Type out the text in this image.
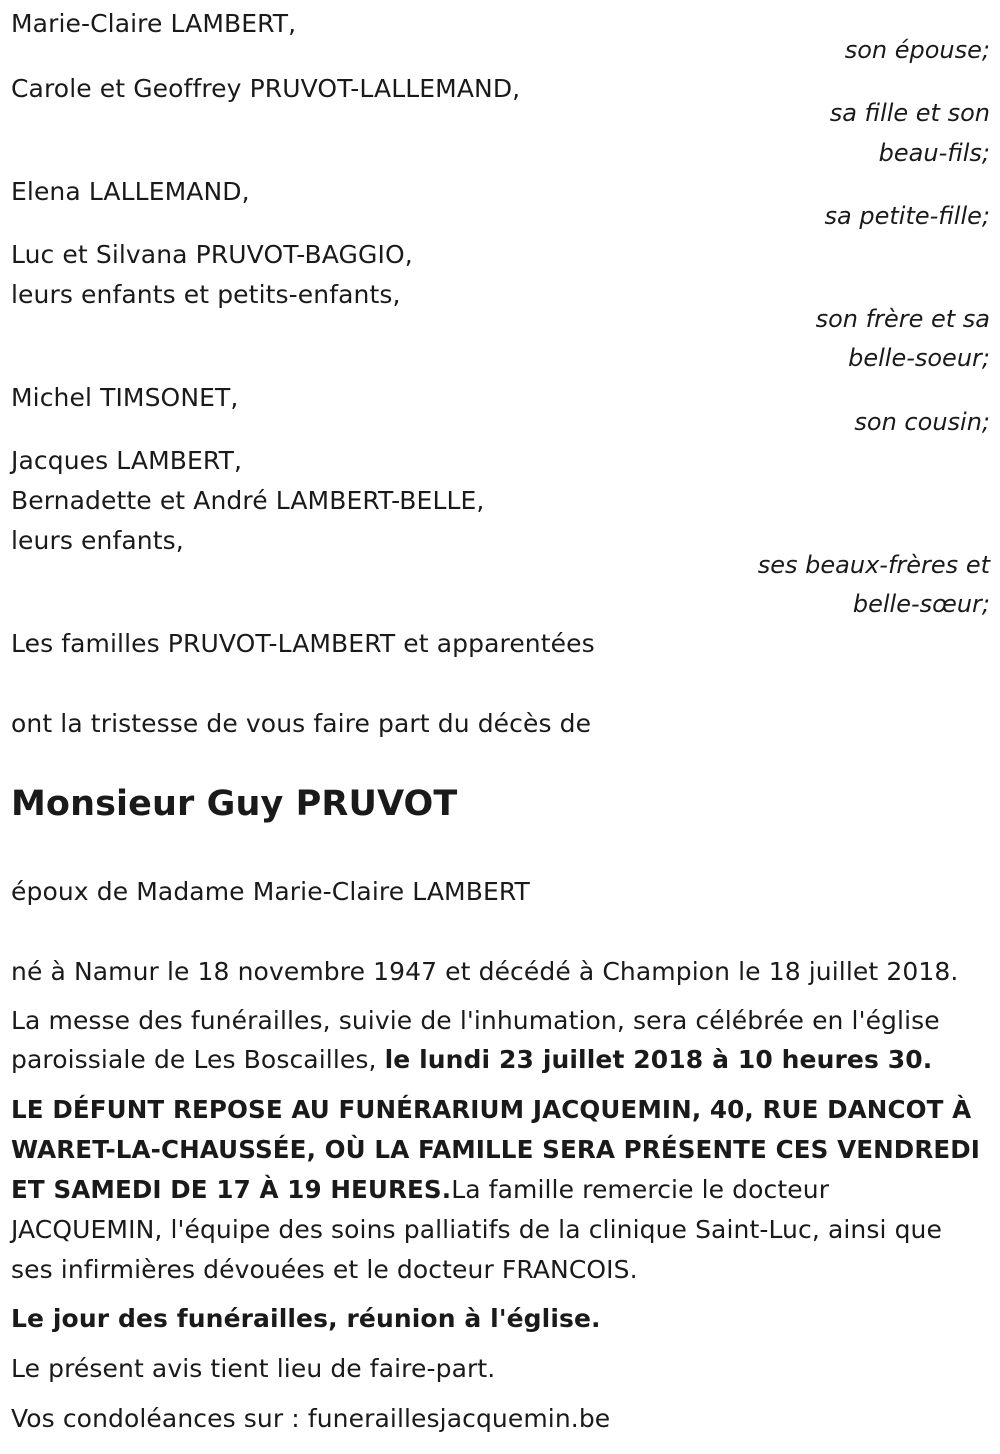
Marie-Claire LAMBERT,
son épouse;
Carole et Geoffrey PRUVOT-LALLEMAND,
sa fille et son
beau-fils;
Elena LALLEMAND,
sa petite-fille;
Luc et Silvana PRUVOT-BAGGIO,
leurs enfants et petits-enfants,
son frère et sa
belle-soeur;
Michel TIMSONET,
son cousin;
Jacques LAMBERT,
Bernadette et André LAMBERT-BELLE,
leurs enfants,
ses beaux-frères et
belle-sœur;
Les familles PRUVOT-LAMBERT et apparentées
ont la tristesse de vous faire part du décès de
Monsieur Guy PRUVOT
époux de Madame Marie-Claire LAMBERT
né à Namur le 18 novembre 1947 et décédé à Champion le 18 juillet 2018.
La messe des funérailles, suivie de l'inhumation, sera célébrée en l'église
paroissiale de Les Boscailles, le lundi 23 juillet 2018 à 10 heures 30.
LE DÉFUNT REPOSE AU FUNÉRARIUM JACQUEMIN, 40, RUE DANCOT À
WARET-LA-CHAUSSÉE, OÙ LA FAMILLE SERA PRÉSENTE CES VENDREDI
ET SAMEDI DE 17 À 19 HEURES.La famille remercie le docteur
JACQUEMIN, l'équipe des soins palliatifs de la clinique Saint-Luc, ainsi que
ses infirmières dévouées et le docteur FRANCOIS.
Le jour des funérailles, réunion à l'église.
Le présent avis tient lieu de faire-part.
Vos condoléances sur : funeraillesjacquemin.be
